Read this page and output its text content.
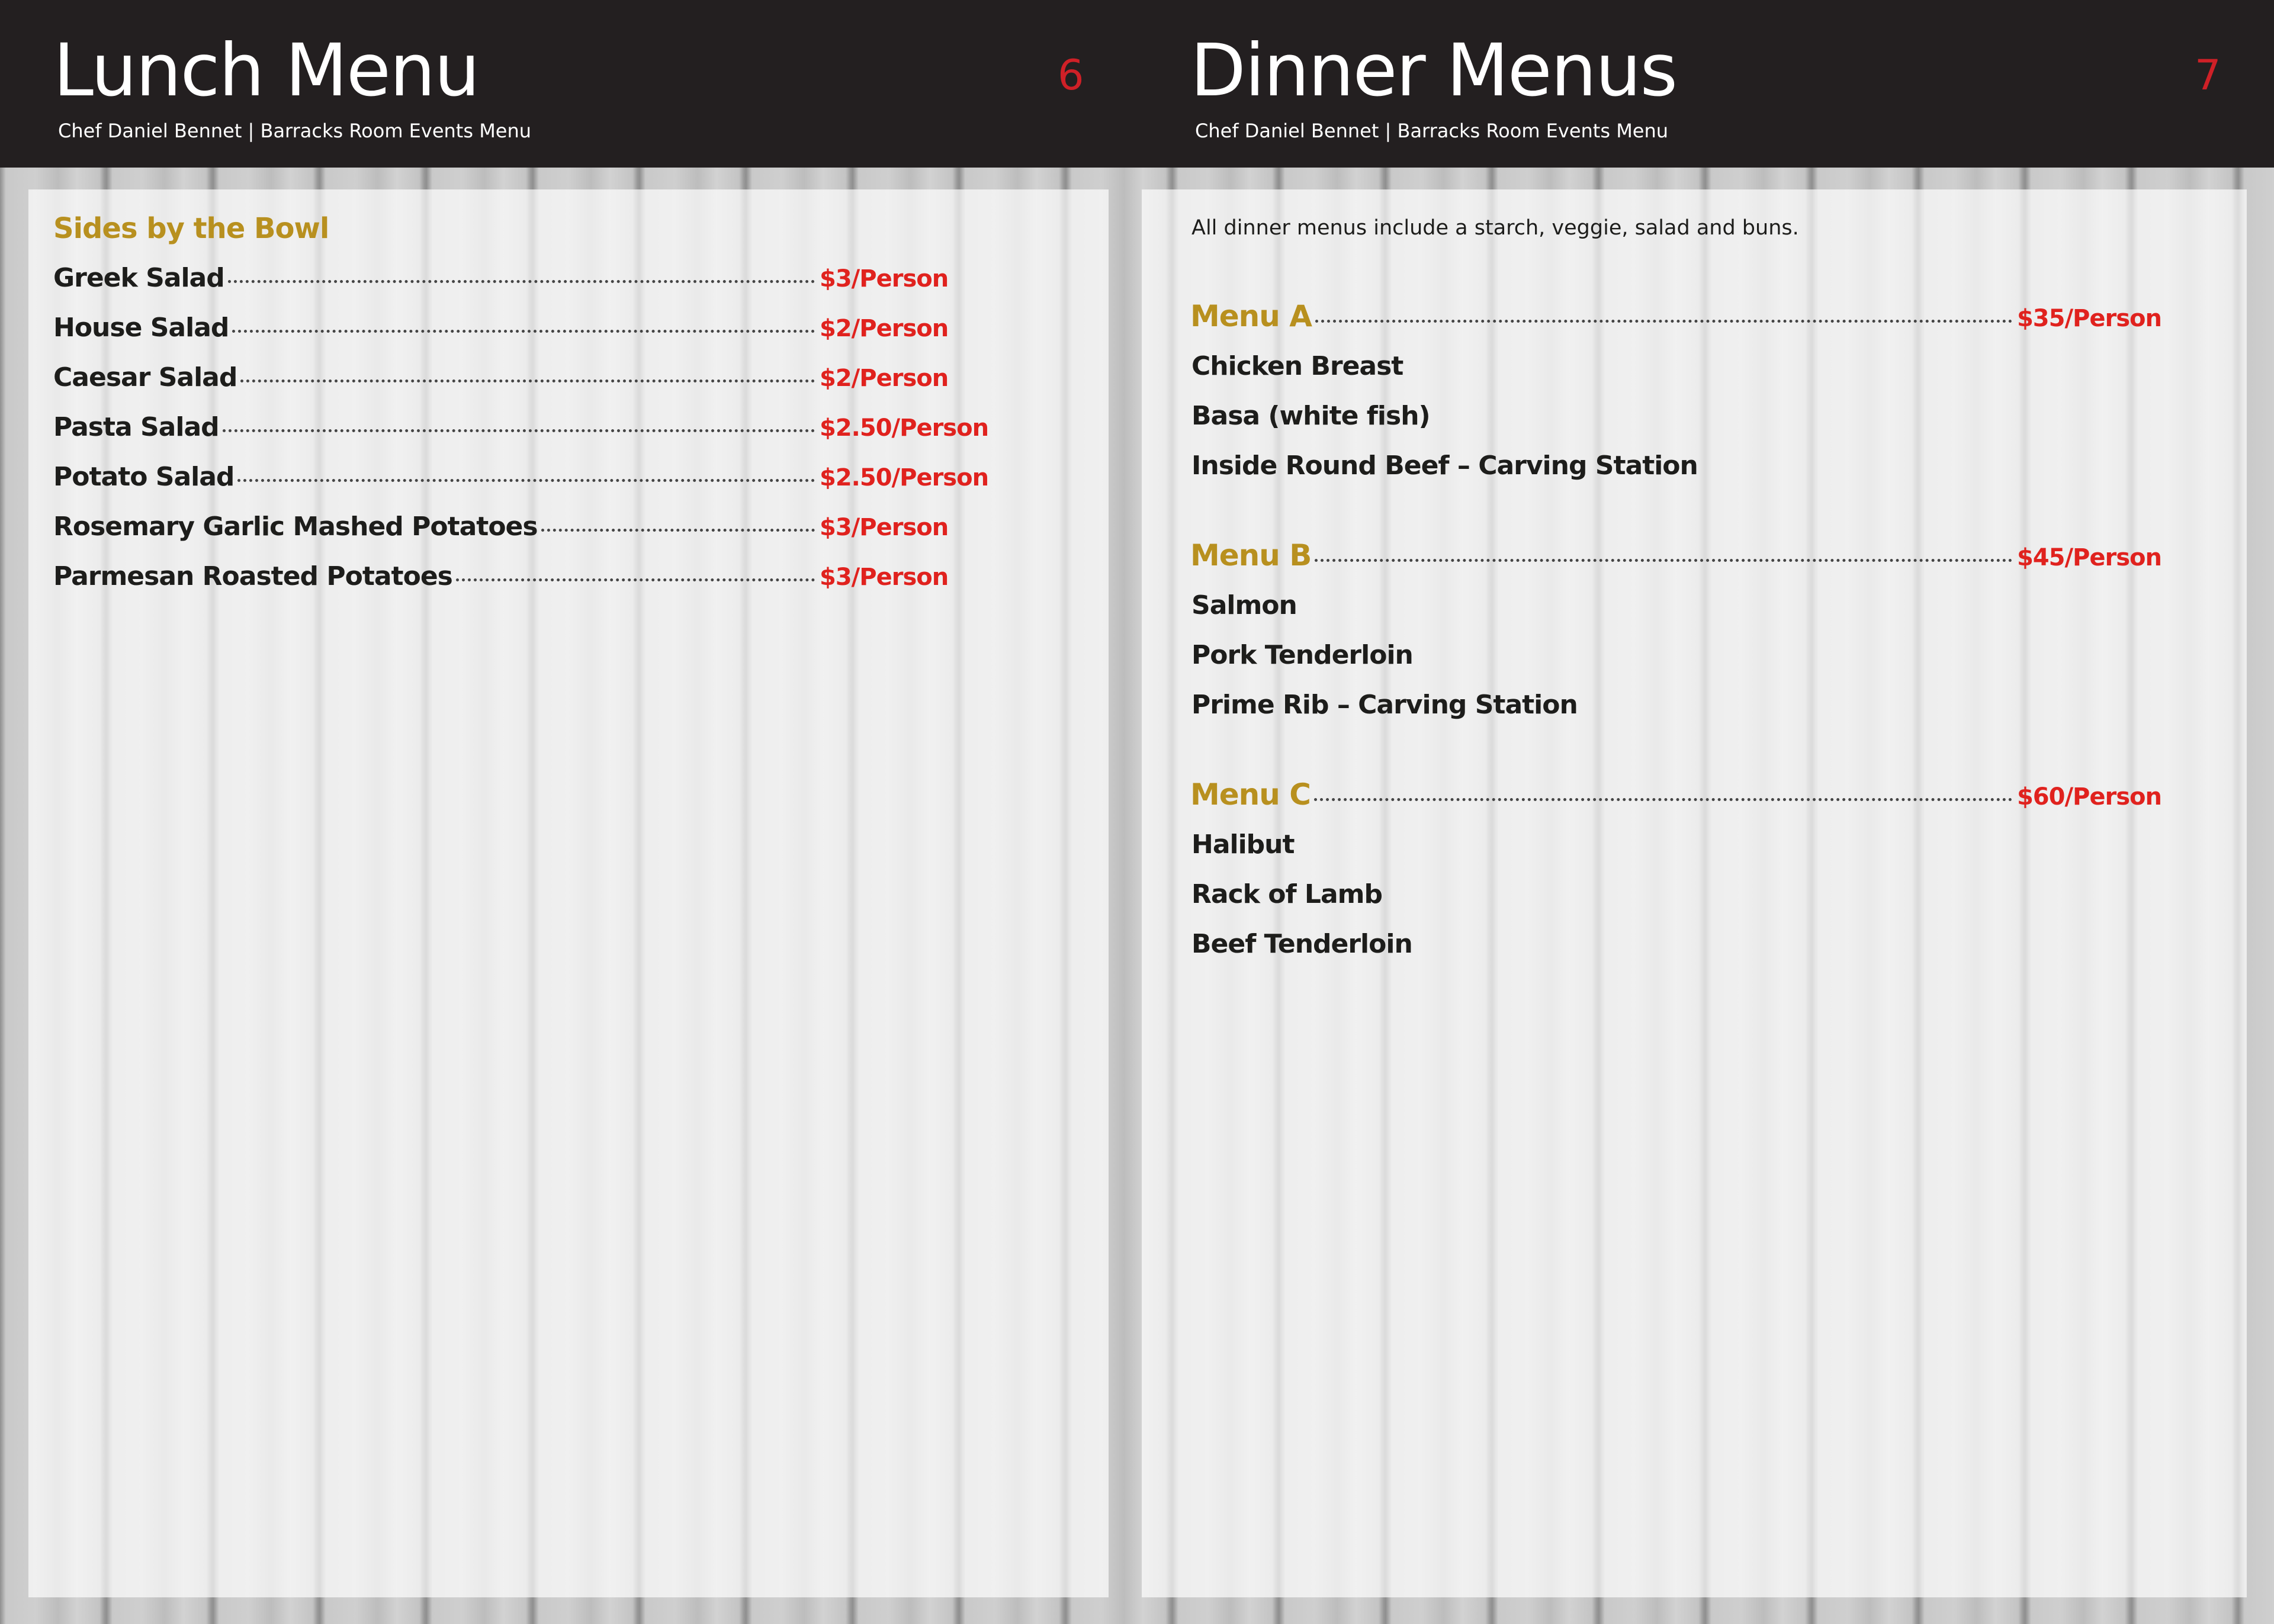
Lunch Menu
Chef Daniel Bennet | Barracks Room Events Menu
6
Sides by the Bowl
Greek Salad	$3/Person
House Salad	$2/Person
Caesar Salad	$2/Person
Pasta Salad	$2.50/Person
Potato Salad	$2.50/Person
Rosemary Garlic Mashed Potatoes	$3/Person
Parmesan Roasted Potatoes	$3/Person
Dinner Menus
Chef Daniel Bennet | Barracks Room Events Menu
7
All dinner menus include a starch, veggie, salad and buns.
Menu A	$35/Person
Chicken Breast
Basa (white fish)
Inside Round Beef – Carving Station
Menu B	$45/Person
Salmon
Pork Tenderloin
Prime Rib – Carving Station
Menu C	$60/Person
Halibut
Rack of Lamb
Beef Tenderloin
